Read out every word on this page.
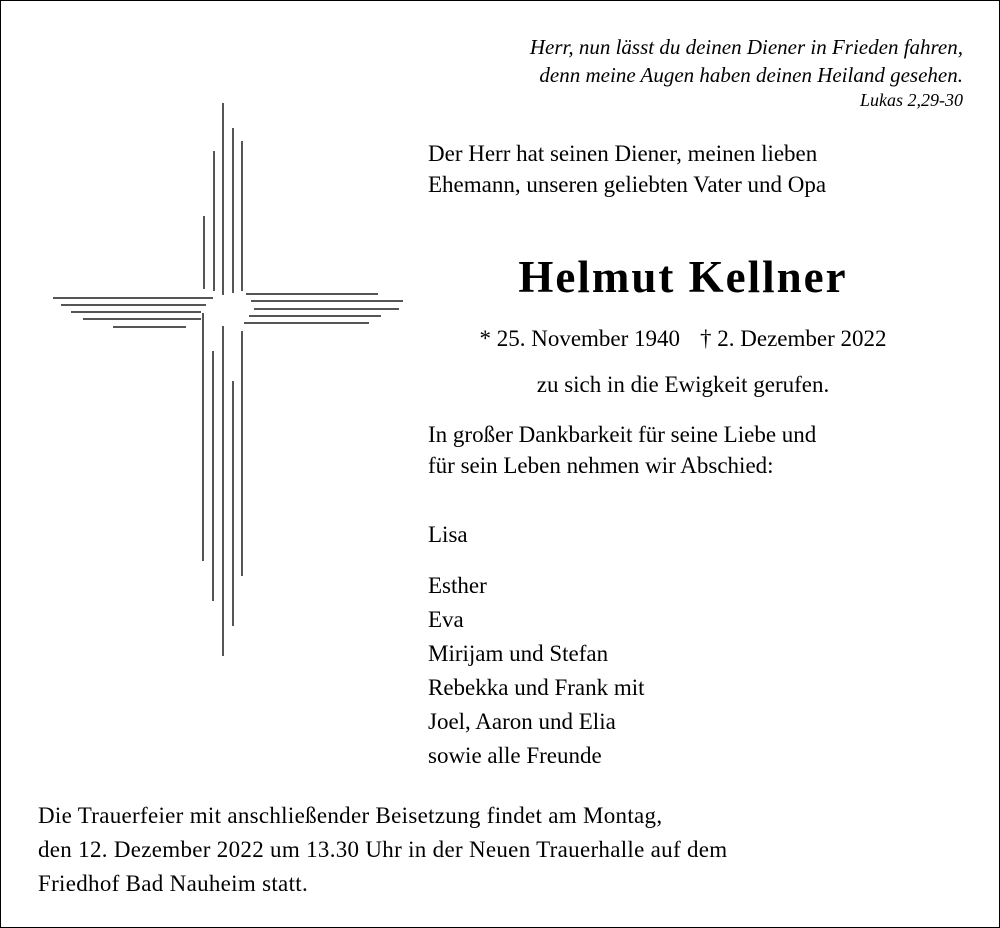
Herr, nun lässt du deinen Diener in Frieden fahren,
denn meine Augen haben deinen Heiland gesehen.
Lukas 2,29-30
Der Herr hat seinen Diener, meinen lieben
Ehemann, unseren geliebten Vater und Opa
Helmut Kellner
* 25. November 1940 † 2. Dezember 2022
zu sich in die Ewigkeit gerufen.
In großer Dankbarkeit für seine Liebe und
für sein Leben nehmen wir Abschied:
Lisa
Esther
Eva
Mirijam und Stefan
Rebekka und Frank mit
Joel, Aaron und Elia
sowie alle Freunde
Die Trauerfeier mit anschließender Beisetzung findet am Montag,
den 12. Dezember 2022 um 13.30 Uhr in der Neuen Trauerhalle auf dem
Friedhof Bad Nauheim statt.
